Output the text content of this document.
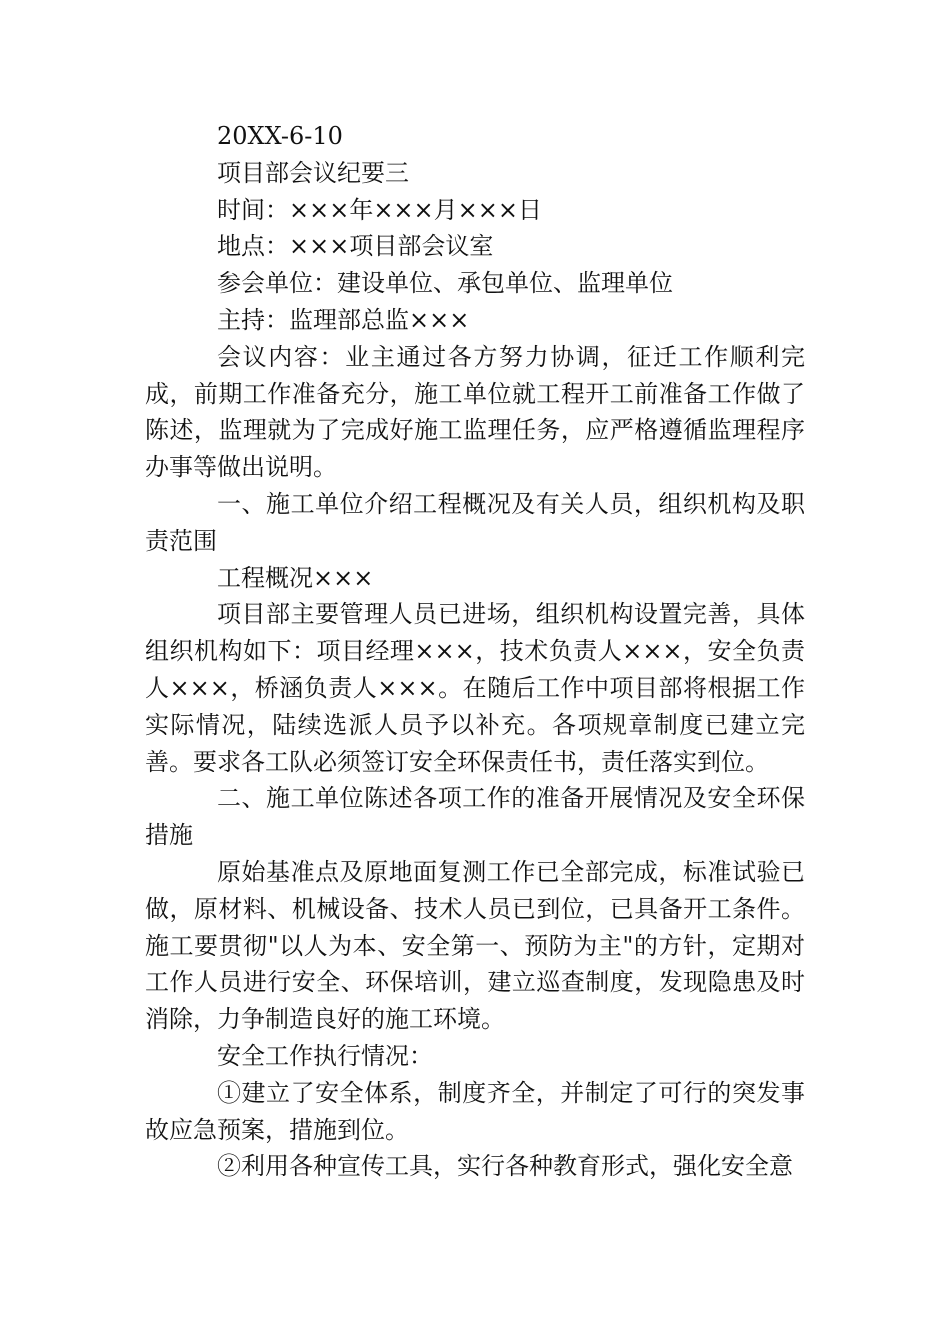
20XX-6-10

项目部会议纪要三

时间：×××年×××月×××日

地点：×××项目部会议室

参会单位：建设单位、承包单位、监理单位

主持：监理部总监×××

会议内容：业主通过各方努力协调，征迁工作顺利完成，前期工作准备充分，施工单位就工程开工前准备工作做了陈述，监理就为了完成好施工监理任务，应严格遵循监理程序办事等做出说明。

一、施工单位介绍工程概况及有关人员，组织机构及职责范围

工程概况×××

项目部主要管理人员已进场，组织机构设置完善，具体组织机构如下：项目经理×××，技术负责人×××，安全负责人×××，桥涵负责人×××。在随后工作中项目部将根据工作实际情况，陆续选派人员予以补充。各项规章制度已建立完善。要求各工队必须签订安全环保责任书，责任落实到位。

二、施工单位陈述各项工作的准备开展情况及安全环保措施

原始基准点及原地面复测工作已全部完成，标准试验已做，原材料、机械设备、技术人员已到位，已具备开工条件。施工要贯彻"以人为本、安全第一、预防为主"的方针，定期对工作人员进行安全、环保培训，建立巡查制度，发现隐患及时消除，力争制造良好的施工环境。

安全工作执行情况：

①建立了安全体系，制度齐全，并制定了可行的突发事故应急预案，措施到位。

②利用各种宣传工具，实行各种教育形式，强化安全意
